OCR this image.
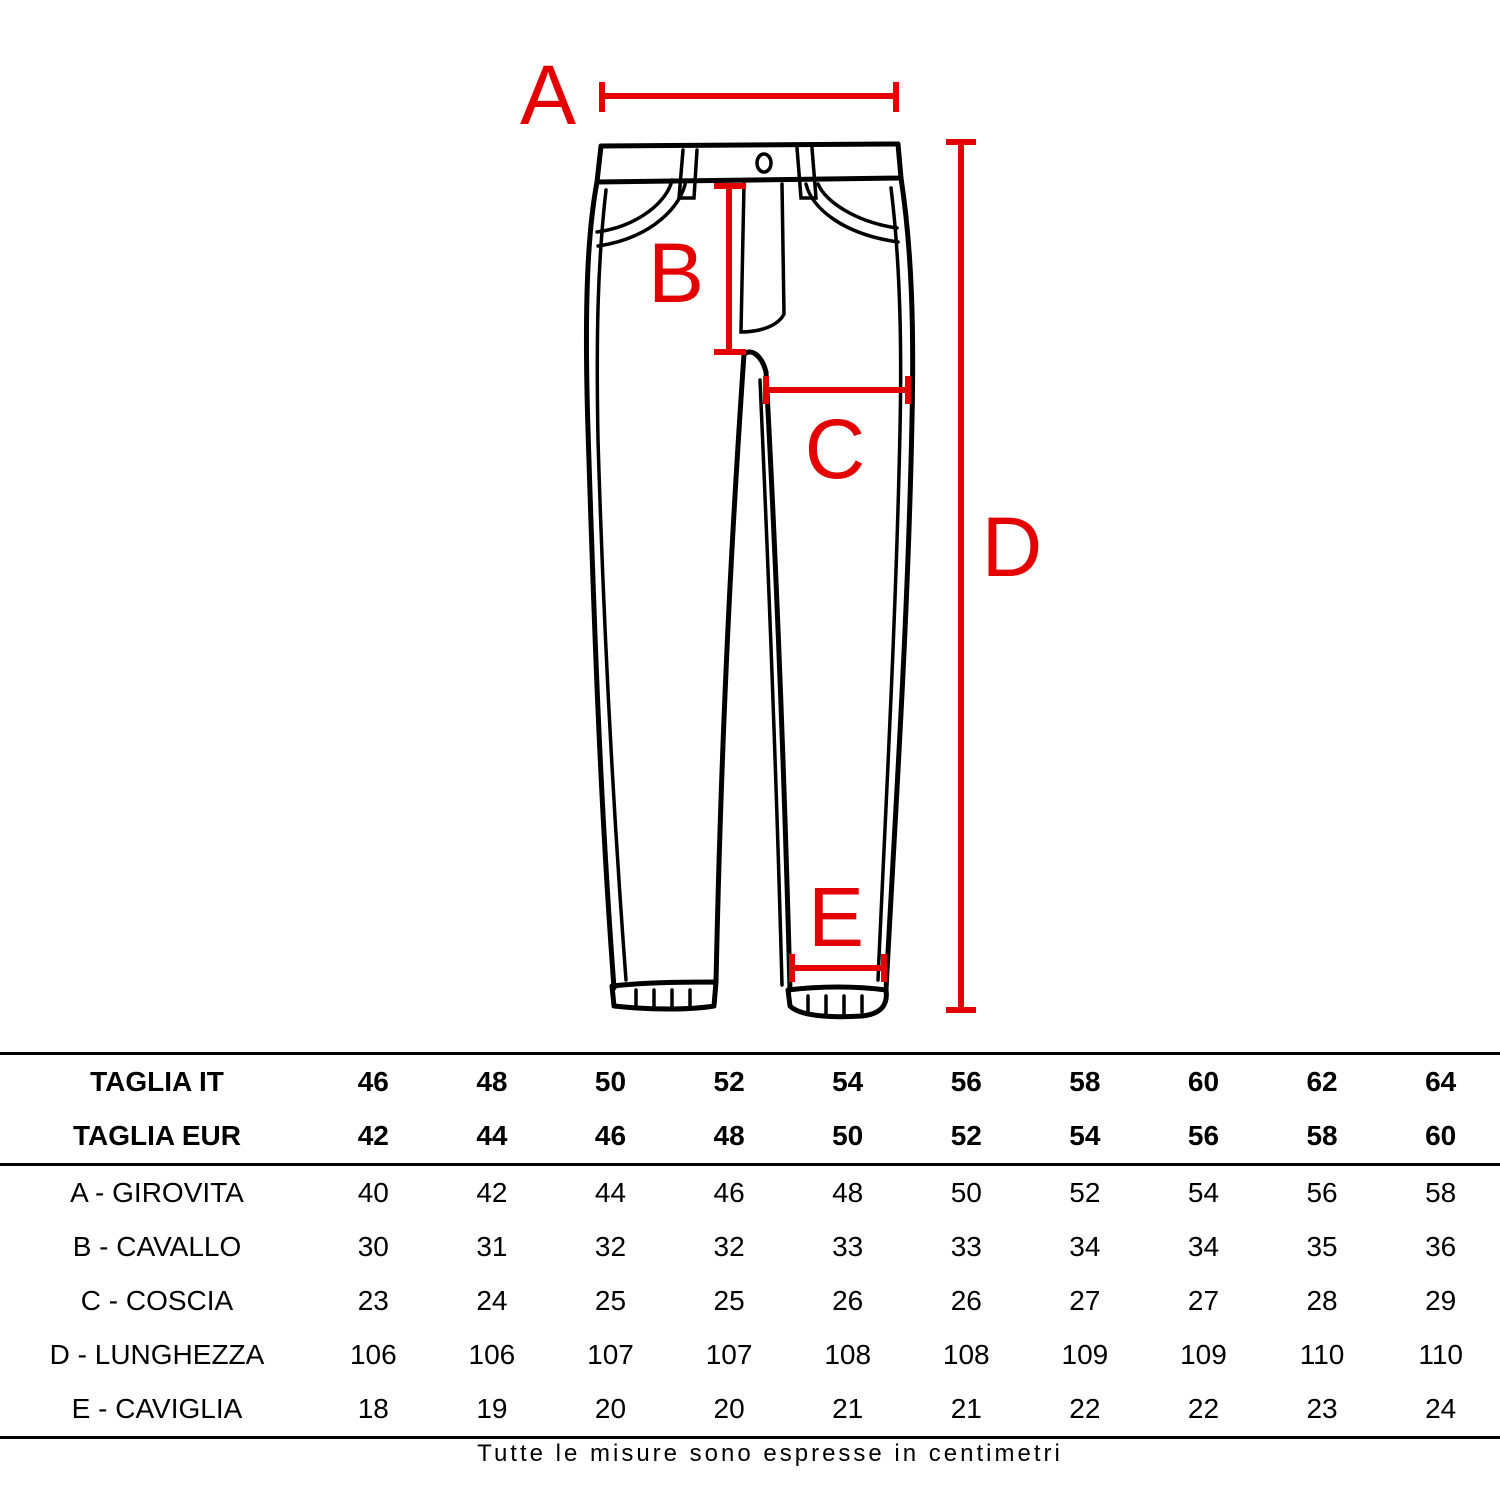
A
B
C
D
E
TAGLIA IT	46	48	50	52	54	56	58	60	62	64
TAGLIA EUR	42	44	46	48	50	52	54	56	58	60
A - GIROVITA	40	42	44	46	48	50	52	54	56	58
B - CAVALLO	30	31	32	32	33	33	34	34	35	36
C - COSCIA	23	24	25	25	26	26	27	27	28	29
D - LUNGHEZZA	106	106	107	107	108	108	109	109	110	110
E - CAVIGLIA	18	19	20	20	21	21	22	22	23	24
Tutte le misure sono espresse in centimetri
